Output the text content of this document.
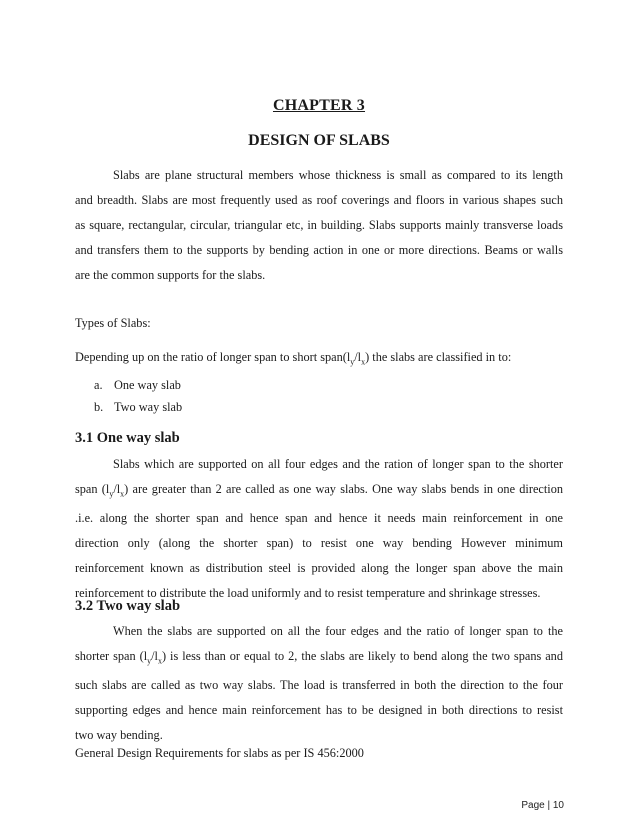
CHAPTER 3
DESIGN OF SLABS
Slabs are plane structural members whose thickness is small as compared to its length
and breadth. Slabs are most frequently used as roof coverings and floors in various shapes such
as square, rectangular, circular, triangular etc, in building. Slabs supports mainly transverse loads
and transfers them to the supports by bending action in one or more directions. Beams or walls
are the common supports for the slabs.
Types of Slabs:
Depending up on the ratio of longer span to short $span(l_y/l_x)$ the slabs are classified in to:
a. One way slab
b. Two way slab
3.1 One way slab
Slabs which are supported on all four edges and the ration of longer span to the shorter
span $(l_y/l_x)$ are greater than 2 are called as one way slabs. One way slabs bends in one direction
.i.e. along the shorter span and hence span and hence it needs main reinforcement in one
direction only (along the shorter span) to resist one way bending However minimum
reinforcement known as distribution steel is provided along the longer span above the main
reinforcement to distribute the load uniformly and to resist temperature and shrinkage stresses.
3.2 Two way slab
When the slabs are supported on all the four edges and the ratio of longer span to the
shorter span $(l_y/l_x)$ is less than or equal to 2, the slabs are likely to bend along the two spans and
such slabs are called as two way slabs. The load is transferred in both the direction to the four
supporting edges and hence main reinforcement has to be designed in both directions to resist
two way bending.
General Design Requirements for slabs as per IS 456:2000
Page | 10
